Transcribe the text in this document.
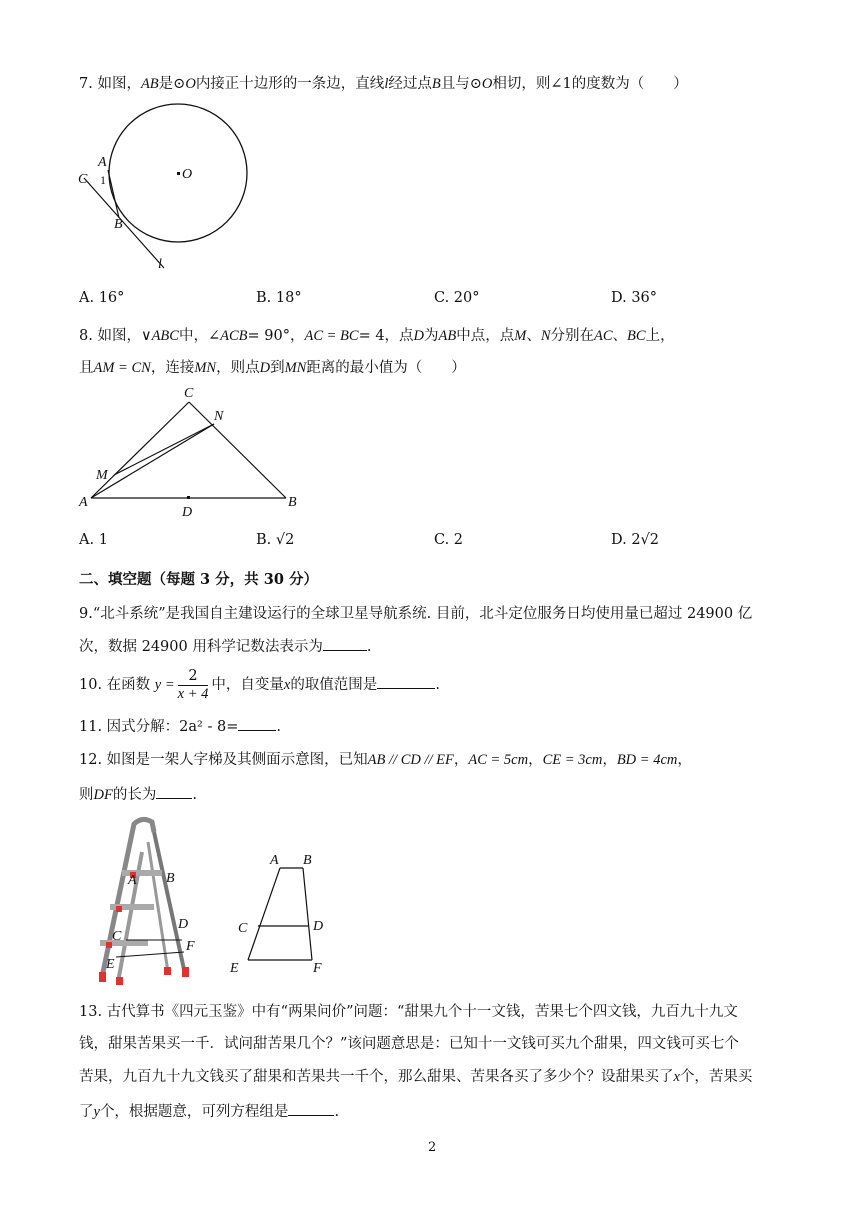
7. 如图，AB是⊙O内接正十边形的一条边，直线l经过点B且与⊙O相切，则∠1的度数为（　　）
A
C 1
B
O
l
A. 16°	B. 18°	C. 20°	D. 36°
8. 如图，∨ABC中，∠ACB= 90°，AC = BC= 4，点D为AB中点，点M、N分别在AC、BC上，
且AM = CN，连接MN，则点D到MN距离的最小值为（　　）
C
N
M
A
D
B
A. 1	B. √2	C. 2	D. 2√2
二、填空题（每题 3 分，共 30 分）
9.“北斗系统”是我国自主建设运行的全球卫星导航系统. 目前，北斗定位服务日均使用量已超过 24900 亿
次，数据 24900 用科学记数法表示为	.
10. 在函数 $y = \frac{2}{x + 4}$ 中，自变量x的取值范围是	.
11. 因式分解：2a² - 8=	.
12. 如图是一架人字梯及其侧面示意图，已知AB // CD // EF，AC = 5cm，CE = 3cm，BD = 4cm，
则DF的长为 .
B
A
D
C
F
E
A B
C	D
E	F
13. 古代算书《四元玉鉴》中有“两果问价”问题：“甜果九个十一文钱，苦果七个四文钱，九百九十九文
钱，甜果苦果买一千．试问甜苦果几个？”该问题意思是：已知十一文钱可买九个甜果，四文钱可买七个
苦果，九百九十九文钱买了甜果和苦果共一千个，那么甜果、苦果各买了多少个？设甜果买了x个，苦果买
了y个，根据题意，可列方程组是	.
2
